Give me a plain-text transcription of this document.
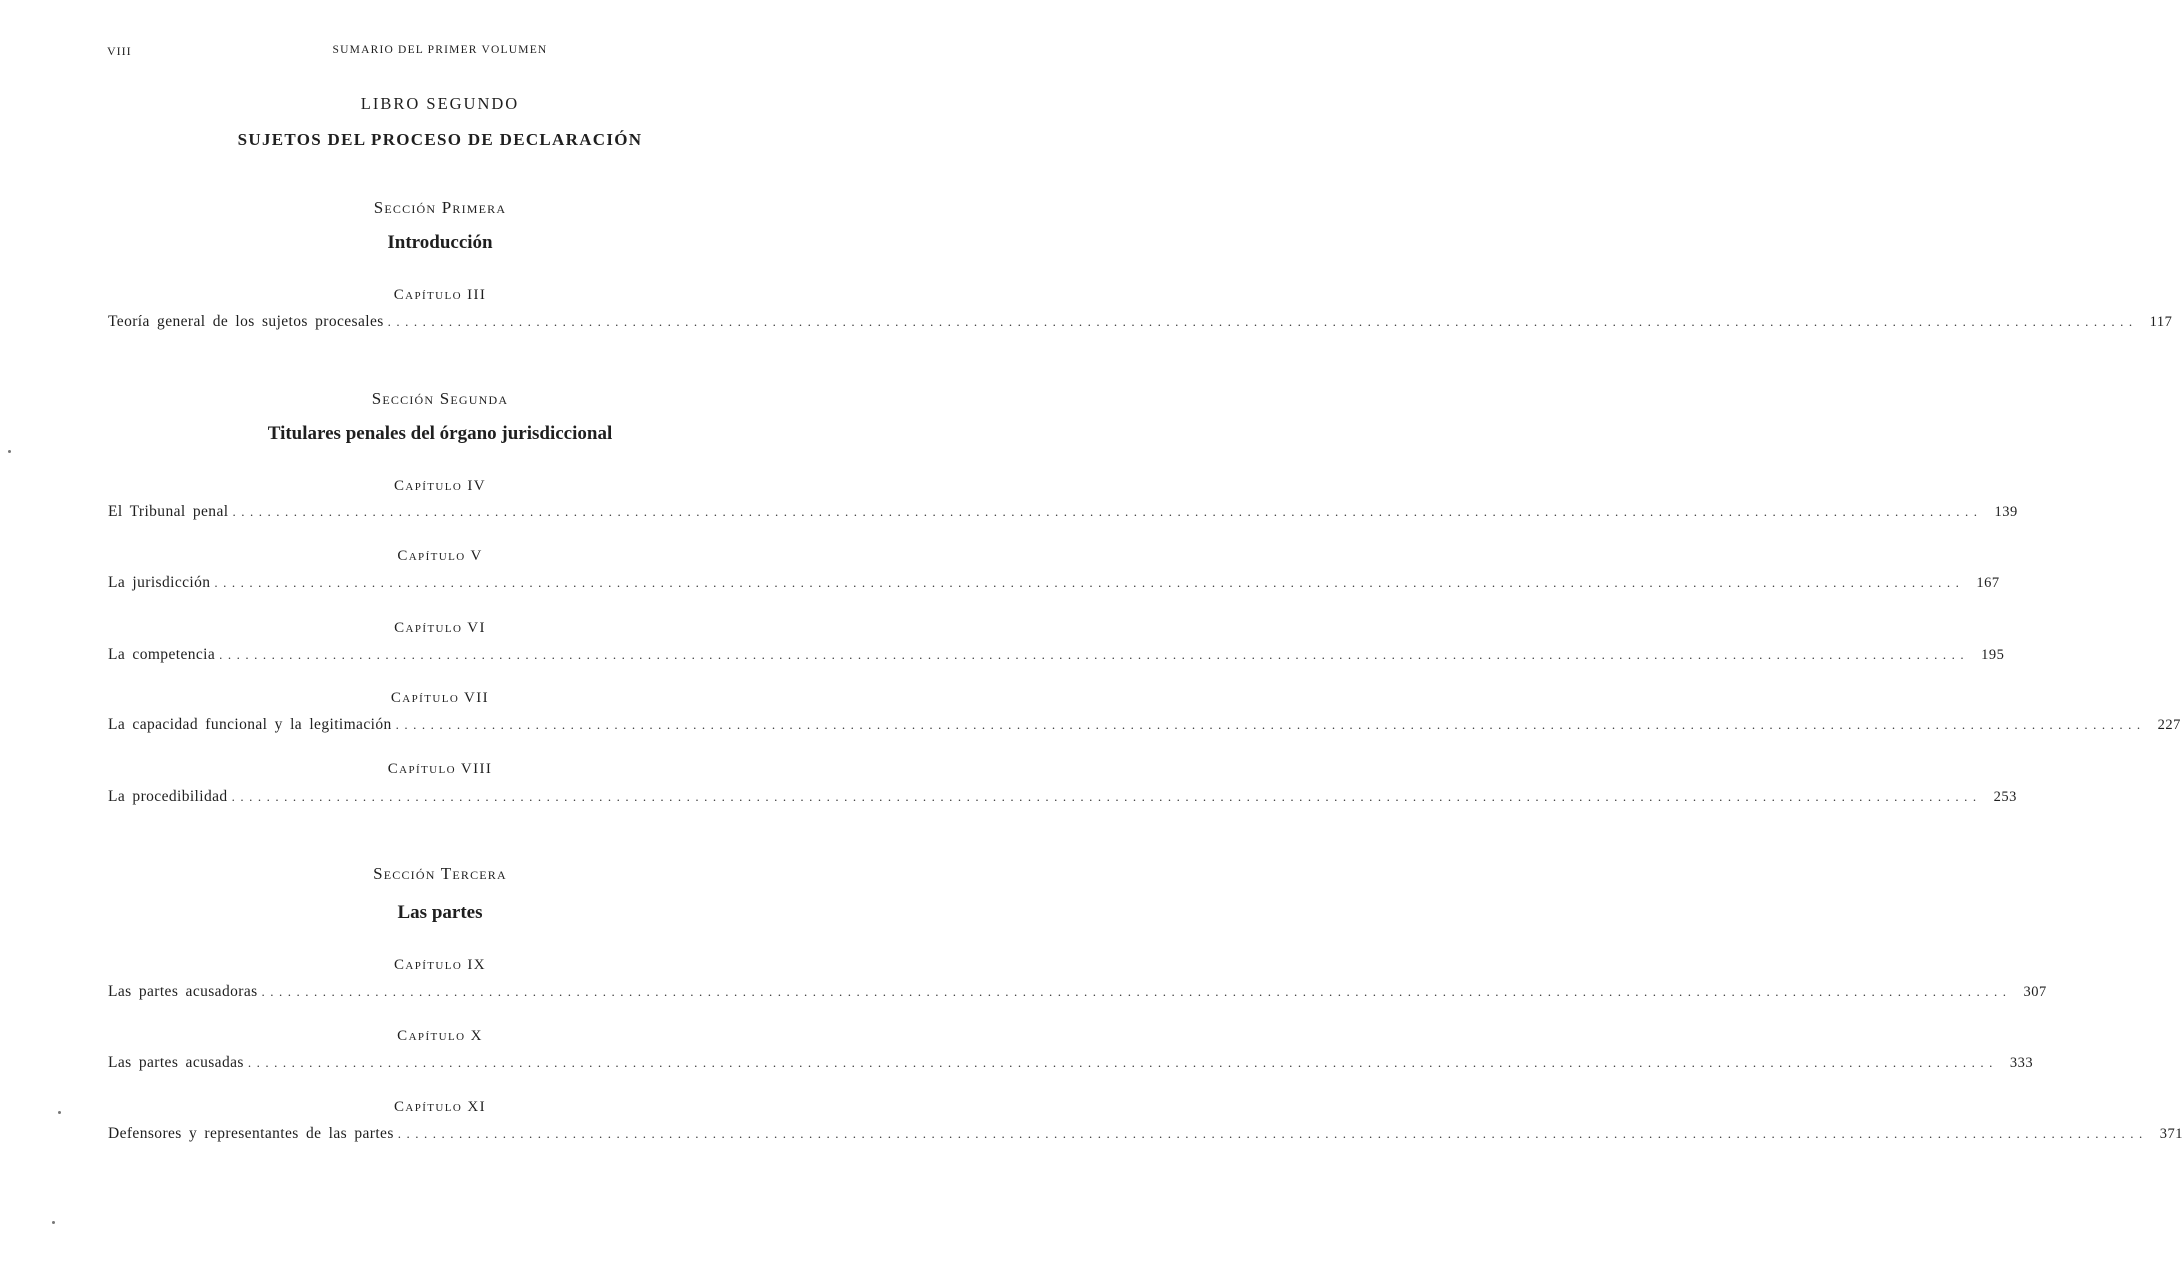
VIII	SUMARIO DEL PRIMER VOLUMEN
LIBRO SEGUNDO
SUJETOS DEL PROCESO DE DECLARACIÓN
Sección Primera
Introducción
Capítulo III
Teoría general de los sujetos procesales ........................................................................................................................................................................................................ 117
Sección Segunda
Titulares penales del órgano jurisdiccional
Capítulo IV
El Tribunal penal ........................................................................................................................................................................................................ 139
Capítulo V
La jurisdicción ........................................................................................................................................................................................................ 167
Capítulo VI
La competencia ........................................................................................................................................................................................................ 195
Capítulo VII
La capacidad funcional y la legitimación ........................................................................................................................................................................................................ 227
Capítulo VIII
La procedibilidad ........................................................................................................................................................................................................ 253
Sección Tercera
Las partes
Capítulo IX
Las partes acusadoras ........................................................................................................................................................................................................ 307
Capítulo X
Las partes acusadas ........................................................................................................................................................................................................ 333
Capítulo XI
Defensores y representantes de las partes ........................................................................................................................................................................................................ 371
